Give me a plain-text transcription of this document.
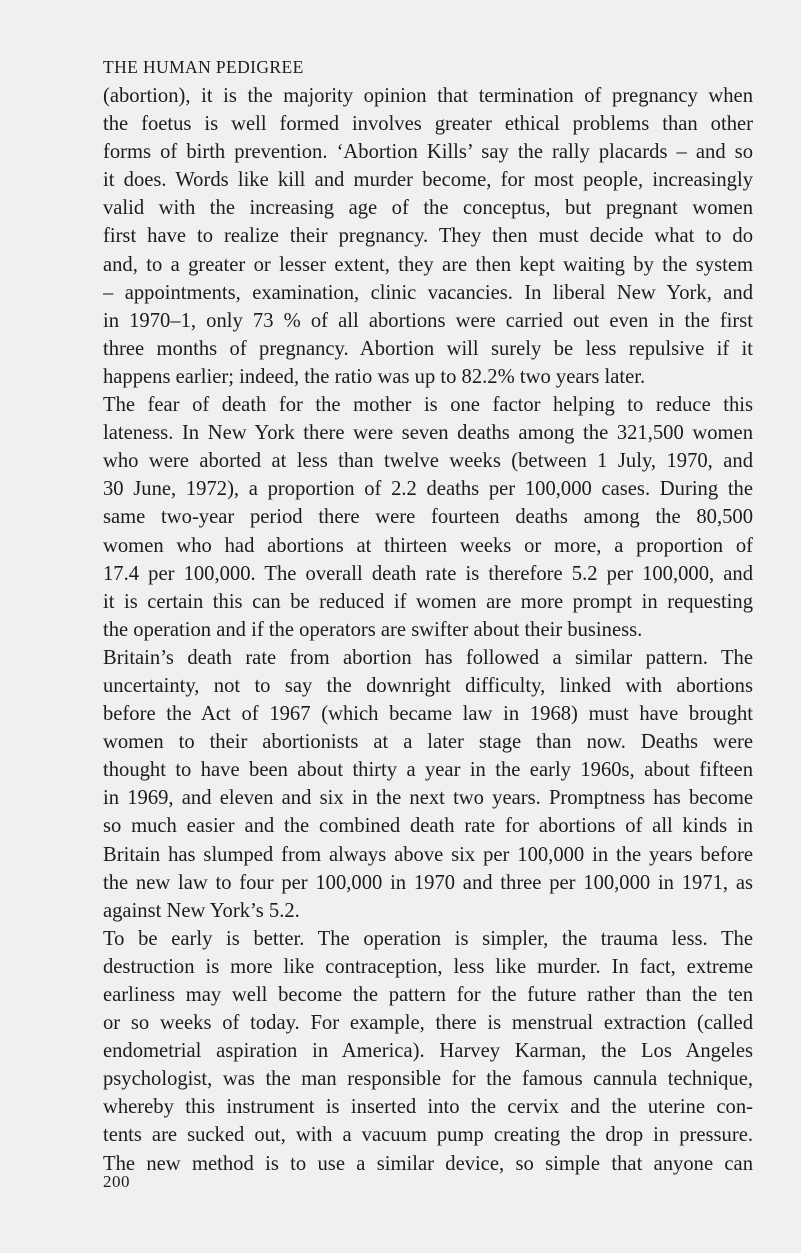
THE HUMAN PEDIGREE
(abortion), it is the majority opinion that termination of pregnancy when
the foetus is well formed involves greater ethical problems than other
forms of birth prevention. ‘Abortion Kills’ say the rally placards – and so
it does. Words like kill and murder become, for most people, increasingly
valid with the increasing age of the conceptus, but pregnant women
first have to realize their pregnancy. They then must decide what to do
and, to a greater or lesser extent, they are then kept waiting by the system
– appointments, examination, clinic vacancies. In liberal New York, and
in 1970–1, only 73 % of all abortions were carried out even in the first
three months of pregnancy. Abortion will surely be less repulsive if it
happens earlier; indeed, the ratio was up to 82.2% two years later.
The fear of death for the mother is one factor helping to reduce this
lateness. In New York there were seven deaths among the 321,500 women
who were aborted at less than twelve weeks (between 1 July, 1970, and
30 June, 1972), a proportion of 2.2 deaths per 100,000 cases. During the
same two-year period there were fourteen deaths among the 80,500
women who had abortions at thirteen weeks or more, a proportion of
17.4 per 100,000. The overall death rate is therefore 5.2 per 100,000, and
it is certain this can be reduced if women are more prompt in requesting
the operation and if the operators are swifter about their business.
Britain’s death rate from abortion has followed a similar pattern. The
uncertainty, not to say the downright difficulty, linked with abortions
before the Act of 1967 (which became law in 1968) must have brought
women to their abortionists at a later stage than now. Deaths were
thought to have been about thirty a year in the early 1960s, about fifteen
in 1969, and eleven and six in the next two years. Promptness has become
so much easier and the combined death rate for abortions of all kinds in
Britain has slumped from always above six per 100,000 in the years before
the new law to four per 100,000 in 1970 and three per 100,000 in 1971, as
against New York’s 5.2.
To be early is better. The operation is simpler, the trauma less. The
destruction is more like contraception, less like murder. In fact, extreme
earliness may well become the pattern for the future rather than the ten
or so weeks of today. For example, there is menstrual extraction (called
endometrial aspiration in America). Harvey Karman, the Los Angeles
psychologist, was the man responsible for the famous cannula technique,
whereby this instrument is inserted into the cervix and the uterine con-
tents are sucked out, with a vacuum pump creating the drop in pressure.
The new method is to use a similar device, so simple that anyone can
200
